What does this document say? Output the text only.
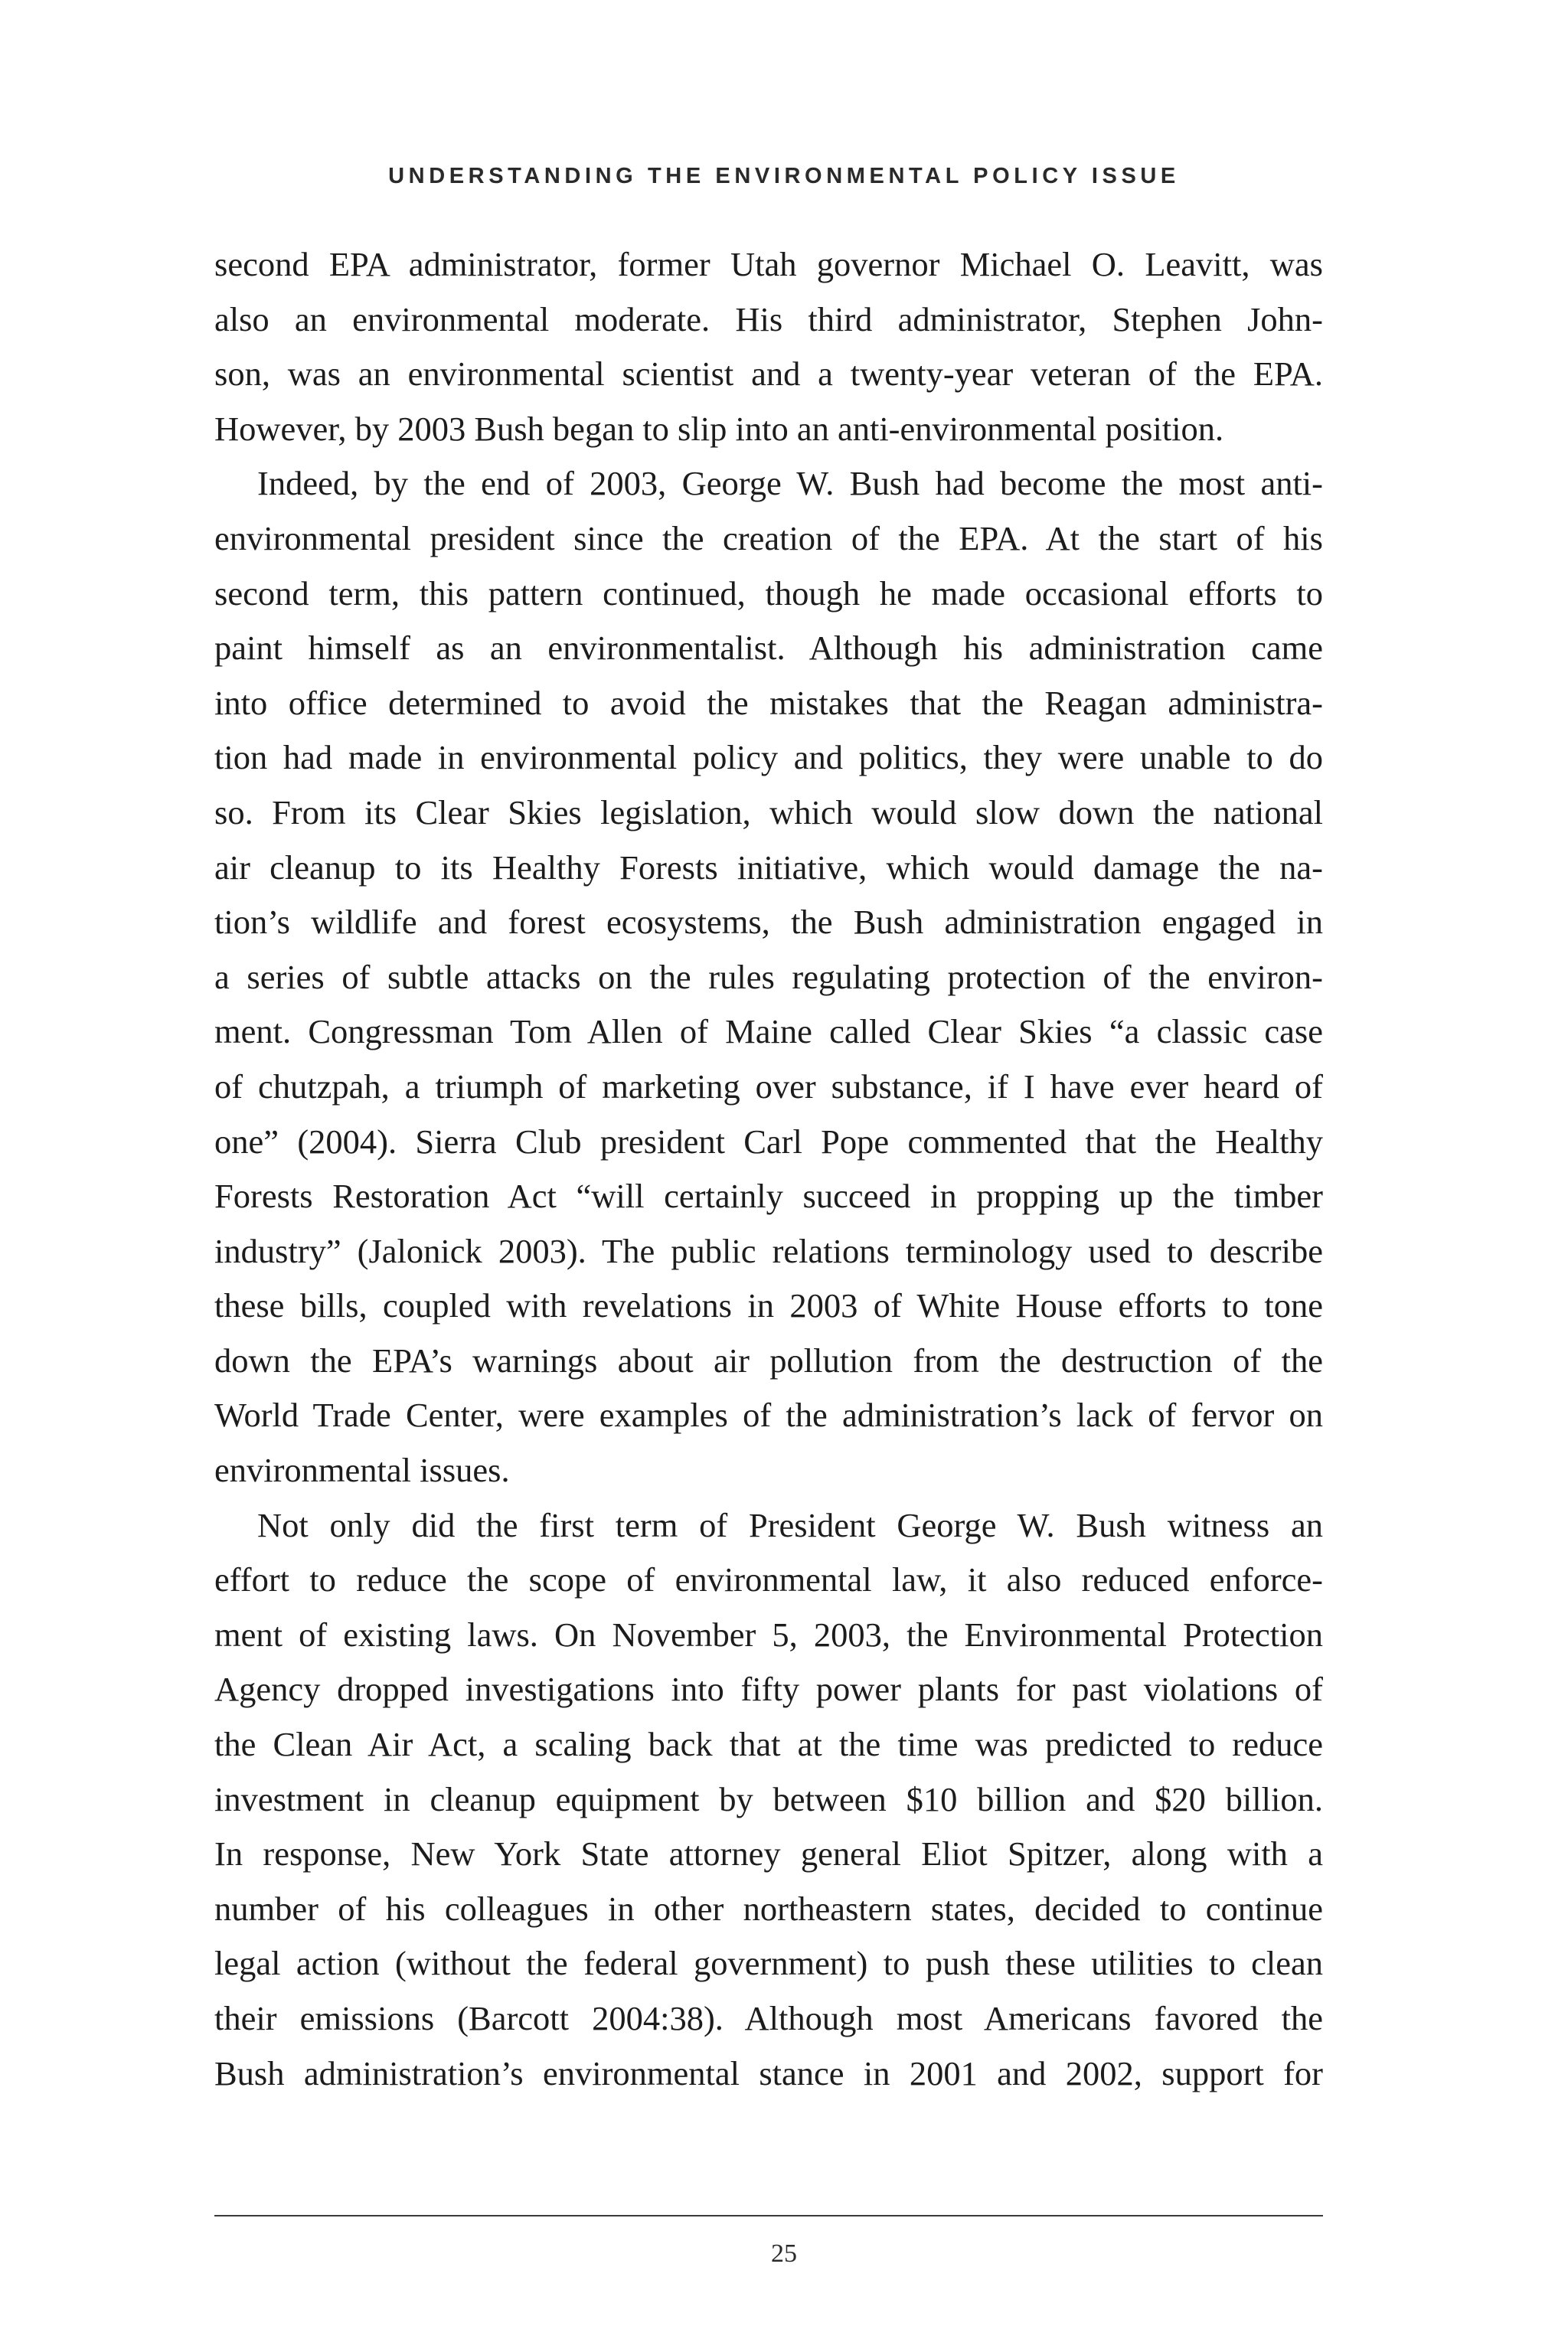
UNDERSTANDING THE ENVIRONMENTAL POLICY ISSUE
second EPA administrator, former Utah governor Michael O. Leavitt, was
also an environmental moderate. His third administrator, Stephen John-
son, was an environmental scientist and a twenty-year veteran of the EPA.
However, by 2003 Bush began to slip into an anti-environmental position.
Indeed, by the end of 2003, George W. Bush had become the most anti-
environmental president since the creation of the EPA. At the start of his
second term, this pattern continued, though he made occasional efforts to
paint himself as an environmentalist. Although his administration came
into office determined to avoid the mistakes that the Reagan administra-
tion had made in environmental policy and politics, they were unable to do
so. From its Clear Skies legislation, which would slow down the national
air cleanup to its Healthy Forests initiative, which would damage the na-
tion’s wildlife and forest ecosystems, the Bush administration engaged in
a series of subtle attacks on the rules regulating protection of the environ-
ment. Congressman Tom Allen of Maine called Clear Skies “a classic case
of chutzpah, a triumph of marketing over substance, if I have ever heard of
one” (2004). Sierra Club president Carl Pope commented that the Healthy
Forests Restoration Act “will certainly succeed in propping up the timber
industry” (Jalonick 2003). The public relations terminology used to describe
these bills, coupled with revelations in 2003 of White House efforts to tone
down the EPA’s warnings about air pollution from the destruction of the
World Trade Center, were examples of the administration’s lack of fervor on
environmental issues.
Not only did the first term of President George W. Bush witness an
effort to reduce the scope of environmental law, it also reduced enforce-
ment of existing laws. On November 5, 2003, the Environmental Protection
Agency dropped investigations into fifty power plants for past violations of
the Clean Air Act, a scaling back that at the time was predicted to reduce
investment in cleanup equipment by between $10 billion and $20 billion.
In response, New York State attorney general Eliot Spitzer, along with a
number of his colleagues in other northeastern states, decided to continue
legal action (without the federal government) to push these utilities to clean
their emissions (Barcott 2004:38). Although most Americans favored the
Bush administration’s environmental stance in 2001 and 2002, support for
25
